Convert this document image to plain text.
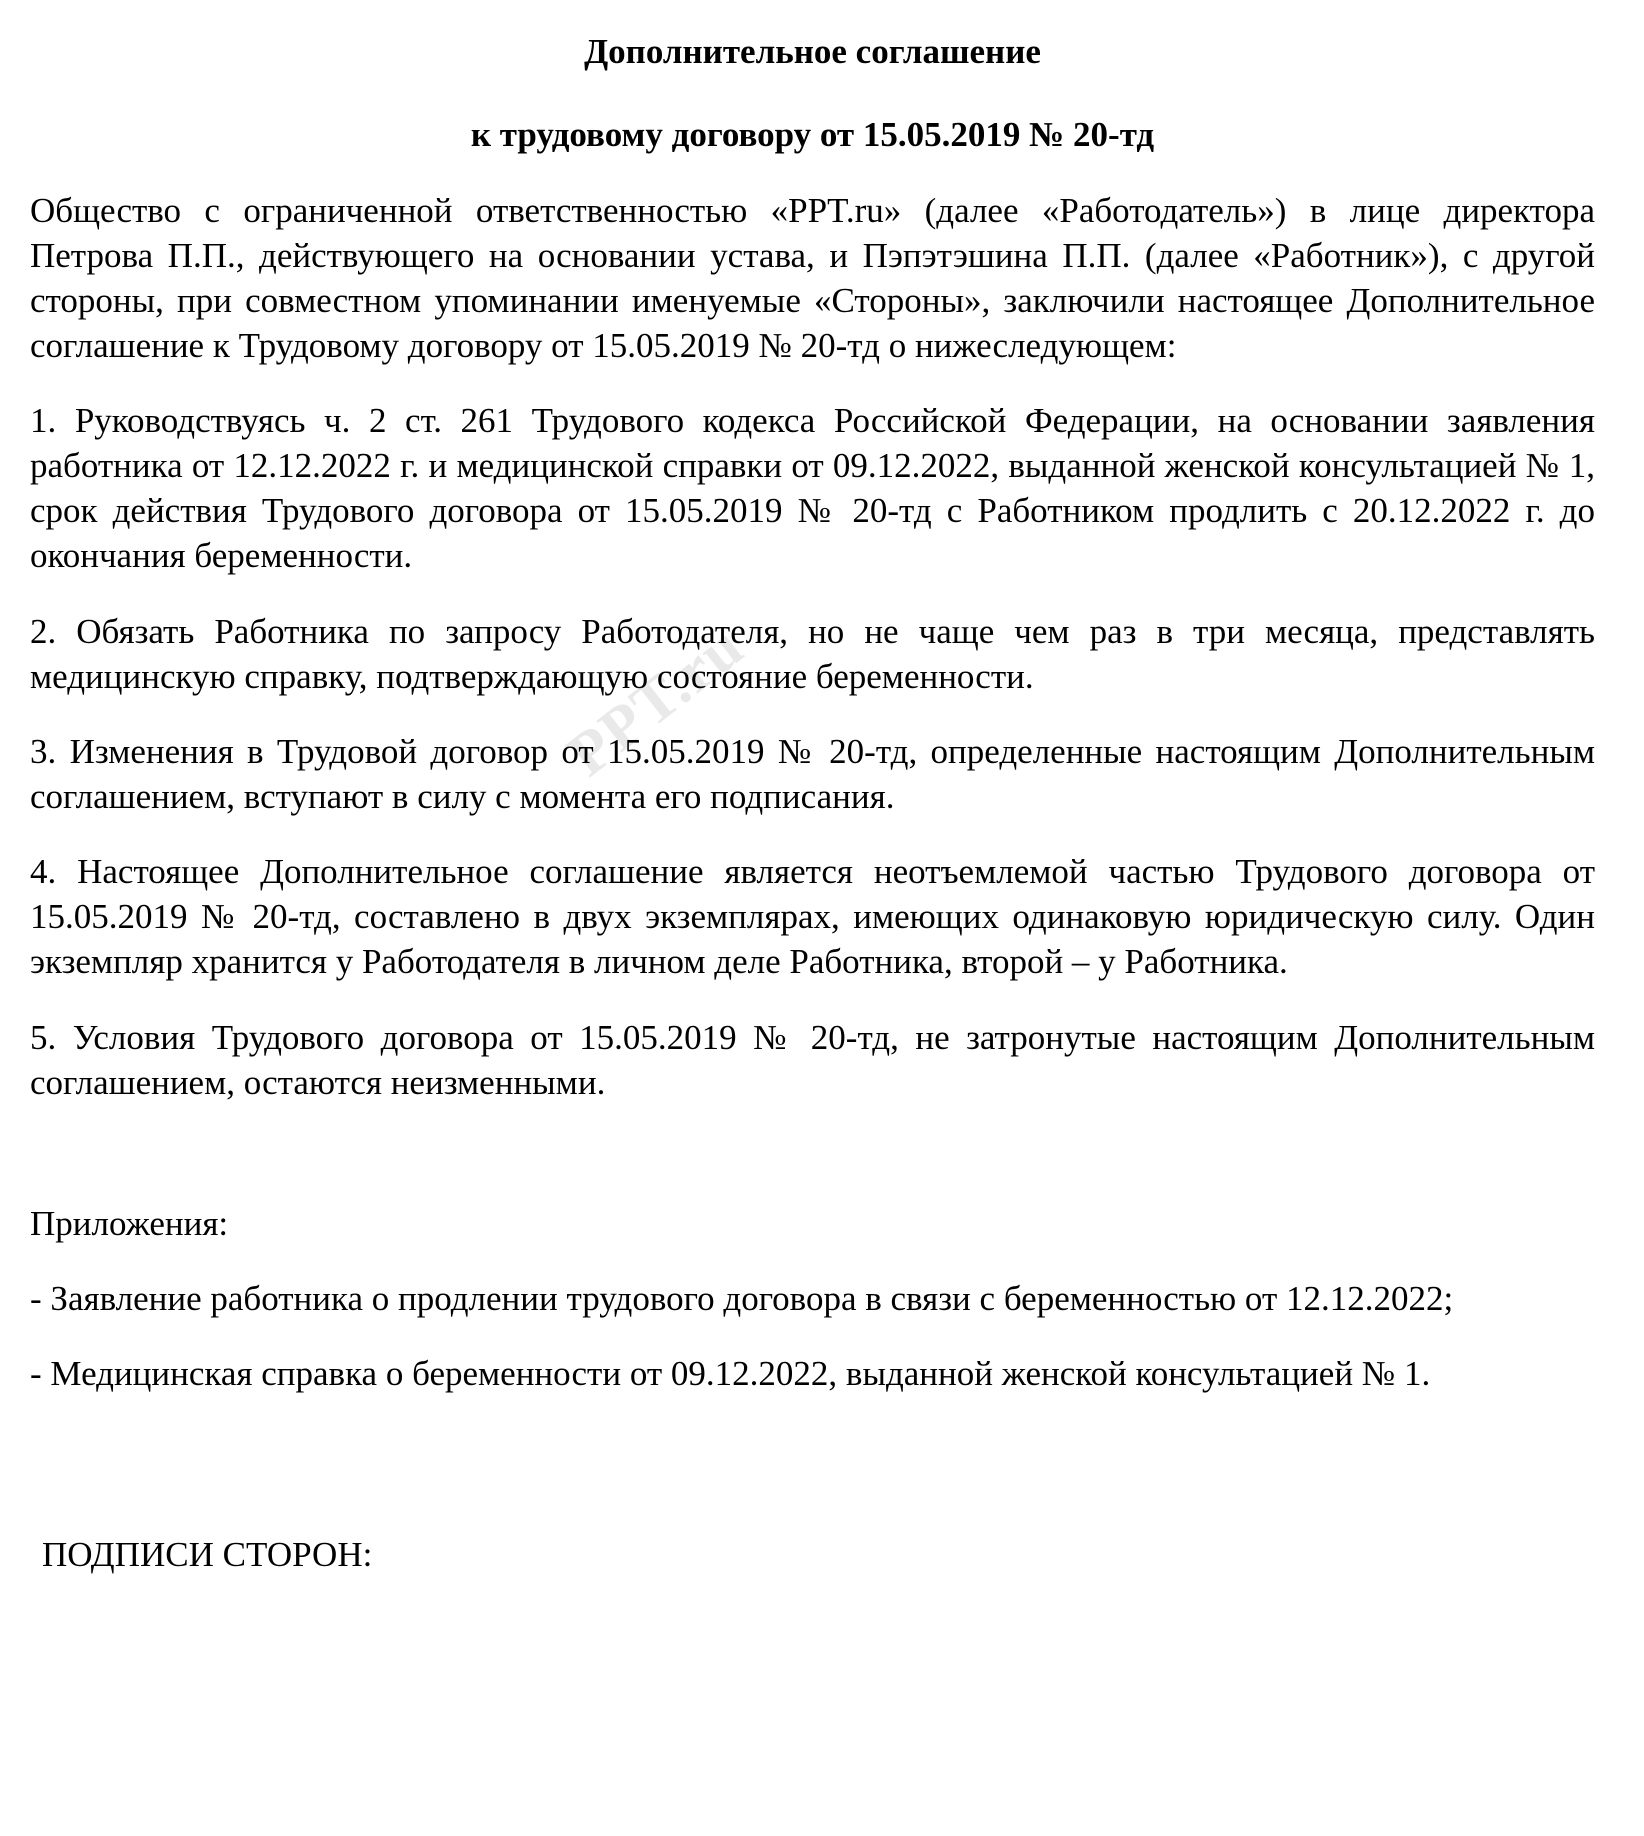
PPT.ru
Дополнительное соглашение
к трудовому договору от 15.05.2019 № 20-тд

Общество с ограниченной ответственностью «PPT.ru» (далее «Работодатель») в лице директора Петрова П.П., действующего на основании устава, и Пэпэтэшина П.П. (далее «Работник»), с другой стороны, при совместном упоминании именуемые «Стороны», заключили настоящее Дополнительное соглашение к Трудовому договору от 15.05.2019 № 20-тд о нижеследующем:

1. Руководствуясь ч. 2 ст. 261 Трудового кодекса Российской Федерации, на основании заявления работника от 12.12.2022 г. и медицинской справки от 09.12.2022, выданной женской консультацией № 1, срок действия Трудового договора от 15.05.2019 № 20-тд с Работником продлить с 20.12.2022 г. до окончания беременности.

2. Обязать Работника по запросу Работодателя, но не чаще чем раз в три месяца, представлять медицинскую справку, подтверждающую состояние беременности.

3. Изменения в Трудовой договор от 15.05.2019 № 20-тд, определенные настоящим Дополнительным соглашением, вступают в силу с момента его подписания.

4. Настоящее Дополнительное соглашение является неотъемлемой частью Трудового договора от 15.05.2019 № 20-тд, составлено в двух экземплярах, имеющих одинаковую юридическую силу. Один экземпляр хранится у Работодателя в личном деле Работника, второй – у Работника.

5. Условия Трудового договора от 15.05.2019 № 20-тд, не затронутые настоящим Дополнительным соглашением, остаются неизменными.

Приложения:

- Заявление работника о продлении трудового договора в связи с беременностью от 12.12.2022;

- Медицинская справка о беременности от 09.12.2022, выданной женской консультацией № 1.

ПОДПИСИ СТОРОН:
